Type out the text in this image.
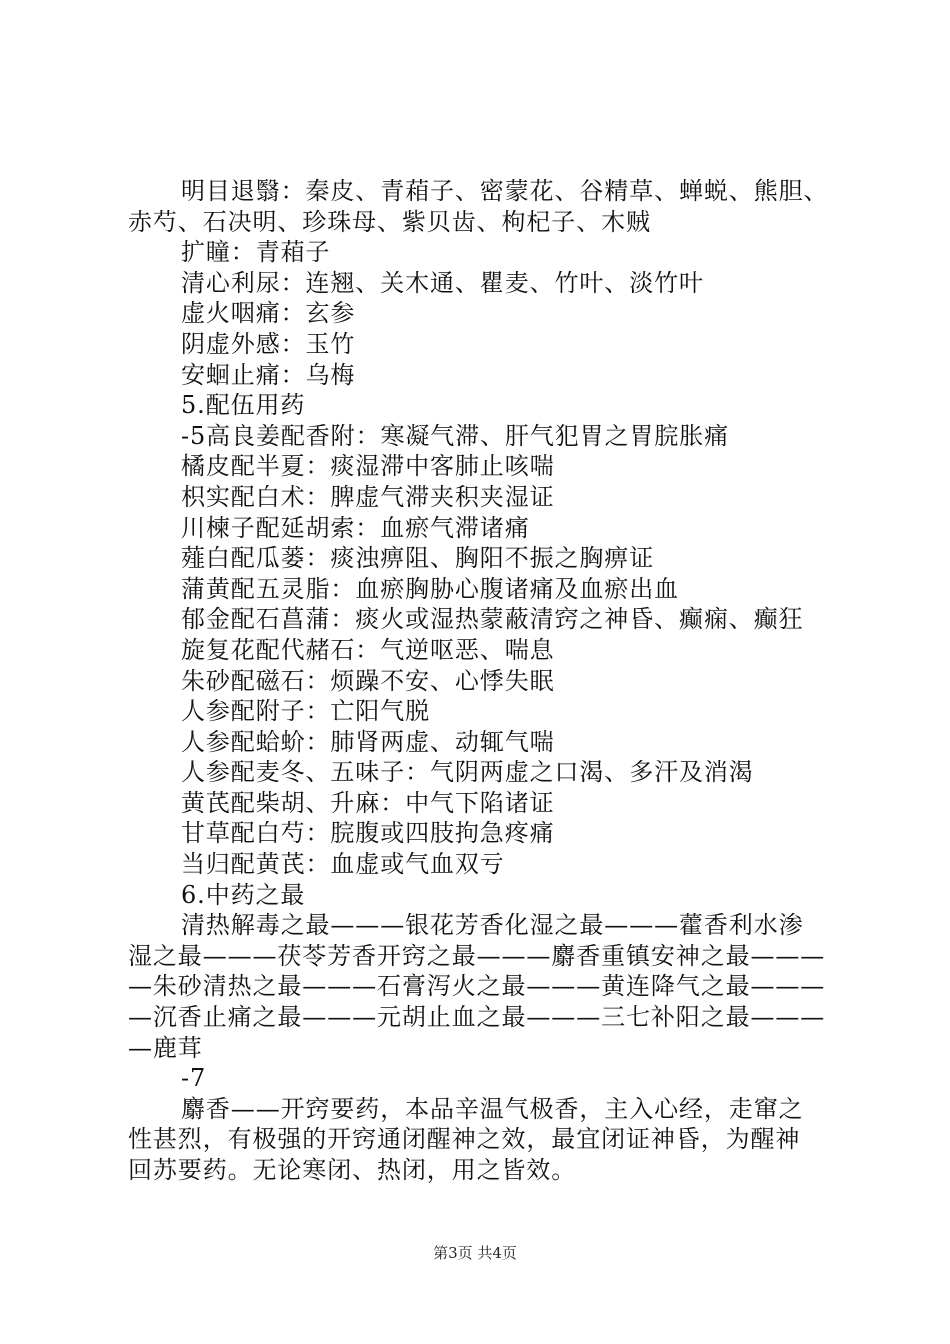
明目退翳：秦皮、青葙子、密蒙花、谷精草、蝉蜕、熊胆、
赤芍、石决明、珍珠母、紫贝齿、枸杞子、木贼
扩瞳：青葙子
清心利尿：连翘、关木通、瞿麦、竹叶、淡竹叶
虚火咽痛：玄参
阴虚外感：玉竹
安蛔止痛：乌梅
5.配伍用药
-5高良姜配香附：寒凝气滞、肝气犯胃之胃脘胀痛
橘皮配半夏：痰湿滞中客肺止咳喘
枳实配白术：脾虚气滞夹积夹湿证
川楝子配延胡索：血瘀气滞诸痛
薤白配瓜蒌：痰浊痹阻、胸阳不振之胸痹证
蒲黄配五灵脂：血瘀胸胁心腹诸痛及血瘀出血
郁金配石菖蒲：痰火或湿热蒙蔽清窍之神昏、癫痫、癫狂
旋复花配代赭石：气逆呕恶、喘息
朱砂配磁石：烦躁不安、心悸失眠
人参配附子：亡阳气脱
人参配蛤蚧：肺肾两虚、动辄气喘
人参配麦冬、五味子：气阴两虚之口渴、多汗及消渴
黄芪配柴胡、升麻：中气下陷诸证
甘草配白芍：脘腹或四肢拘急疼痛
当归配黄芪：血虚或气血双亏
6.中药之最
清热解毒之最———银花芳香化湿之最———藿香利水渗
湿之最———茯苓芳香开窍之最———麝香重镇安神之最———
—朱砂清热之最———石膏泻火之最———黄连降气之最———
—沉香止痛之最———元胡止血之最———三七补阳之最———
—鹿茸
-7
麝香——开窍要药，本品辛温气极香，主入心经，走窜之
性甚烈，有极强的开窍通闭醒神之效，最宜闭证神昏，为醒神
回苏要药。无论寒闭、热闭，用之皆效。
第3页 共4页
